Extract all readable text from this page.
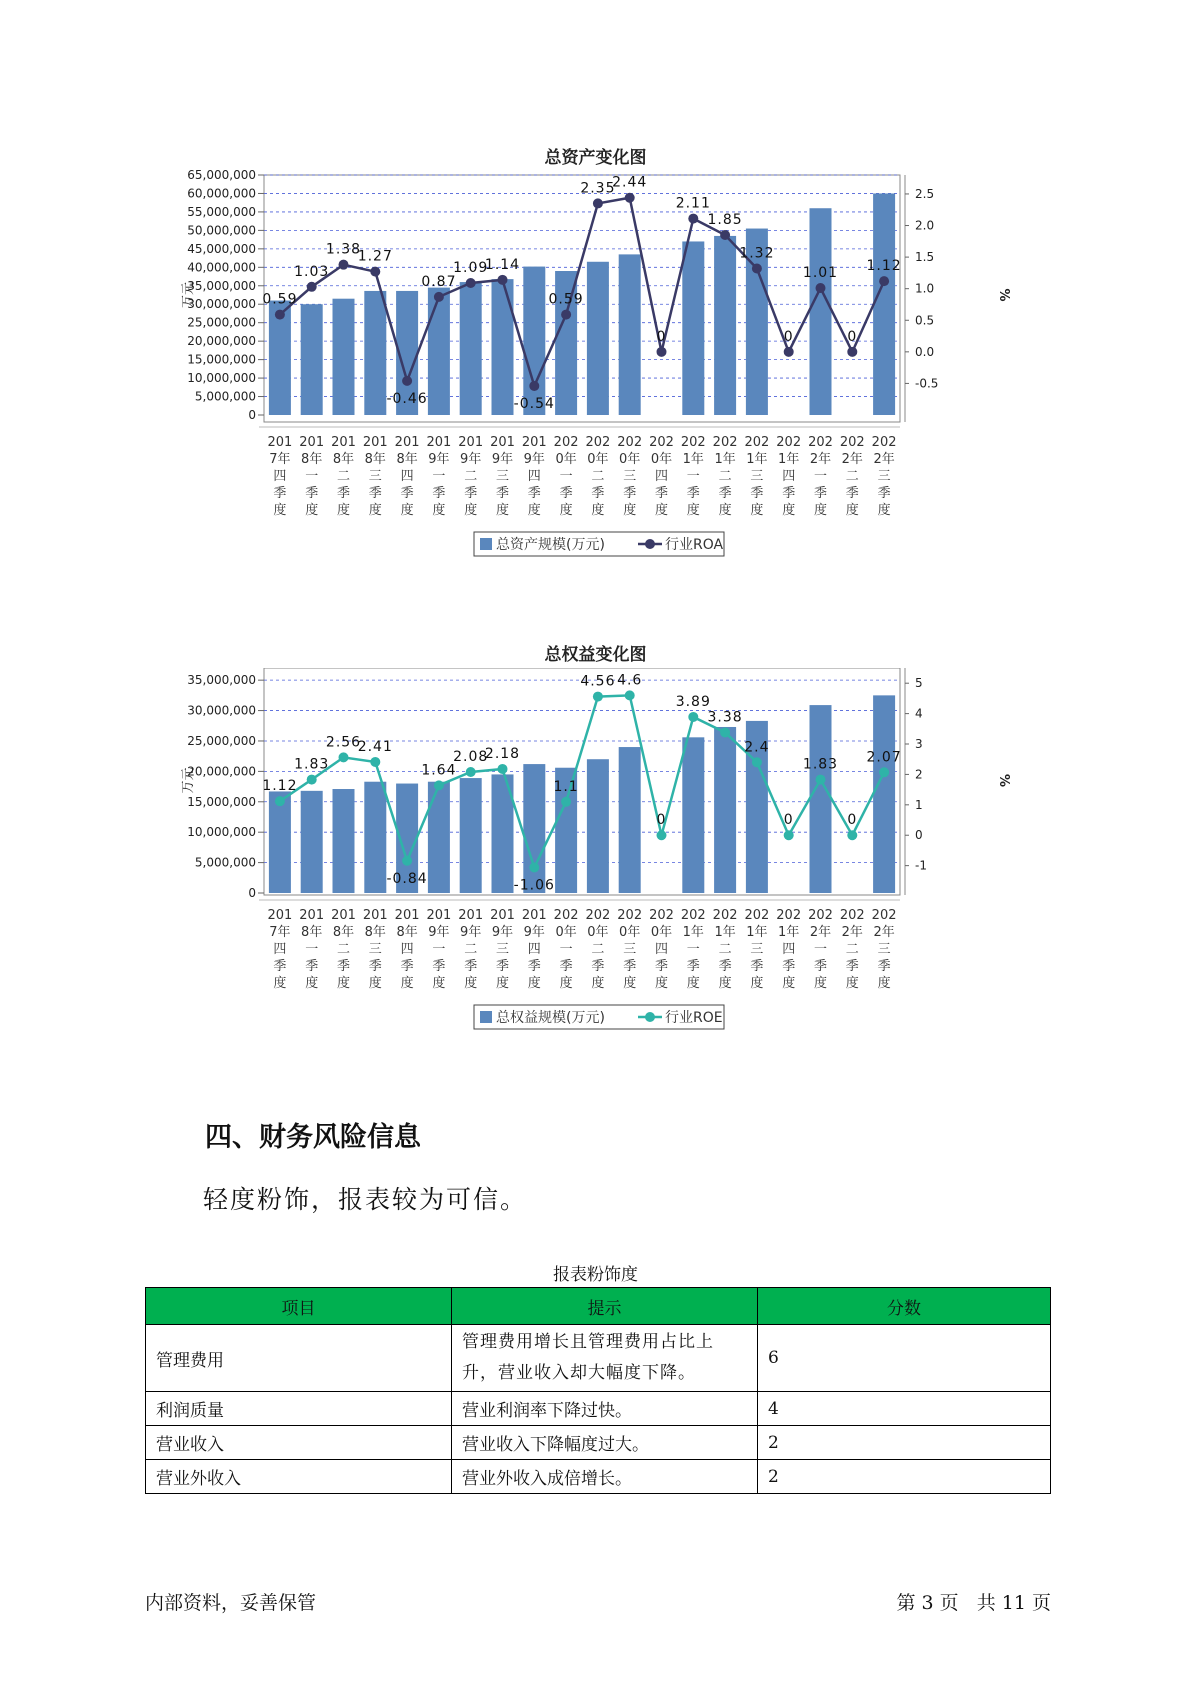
总资产变化图
65,000,000
60,000,000
55,000,000
50,000,000
45,000,000
40,000,000
35,000,000
30,000,000
25,000,000
20,000,000
15,000,000
10,000,000
5,000,000
0
2.5
2.0
1.5
1.0
0.5
0.0
-0.5
万元	%
0.59
1.03
1.38
1.27
-0.46
0.87
1.09
1.14
-0.54
0.59
2.35
2.44
0
2.11
1.85
1.32
0
1.01
0
1.12
201
7年
四
季
度
201
8年
一
季
度
201
8年
二
季
度
201
8年
三
季
度
201
8年
四
季
度
201
9年
一
季
度
201
9年
二
季
度
201
9年
三
季
度
201
9年
四
季
度
202
0年
一
季
度
202
0年
二
季
度
202
0年
三
季
度
202
0年
四
季
度
202
1年
一
季
度
202
1年
二
季
度
202
1年
三
季
度
202
1年
四
季
度
202
2年
一
季
度
202
2年
二
季
度
202
2年
三
季
度
总资产规模(万元)	行业ROA
总权益变化图
35,000,000
30,000,000
25,000,000
20,000,000
15,000,000
10,000,000
5,000,000
0
5
4
3
2
1
0
-1
万元	%
1.12
1.83
2.56
2.41
-0.84
1.64
2.08
2.18
-1.06
1.1
4.56 4.6
0
3.89
3.38
2.4
0
1.83
0
2.07
201
7年
四
季
度
201
8年
一
季
度
201
8年
二
季
度
201
8年
三
季
度
201
8年
四
季
度
201
9年
一
季
度
201
9年
二
季
度
201
9年
三
季
度
201
9年
四
季
度
202
0年
一
季
度
202
0年
二
季
度
202
0年
三
季
度
202
0年
四
季
度
202
1年
一
季
度
202
1年
二
季
度
202
1年
三
季
度
202
1年
四
季
度
202
2年
一
季
度
202
2年
二
季
度
202
2年
三
季
度
总权益规模(万元)	行业ROE
四、财务风险信息
轻度粉饰，报表较为可信。
报表粉饰度
项目	提示	分数
管理费用	管理费用增长且管理费用占比上升，营业收入却大幅度下降。	6
利润质量	营业利润率下降过快。	4
营业收入	营业收入下降幅度过大。	2
营业外收入	营业外收入成倍增长。	2
内部资料，妥善保管	第 3 页   共 11 页
